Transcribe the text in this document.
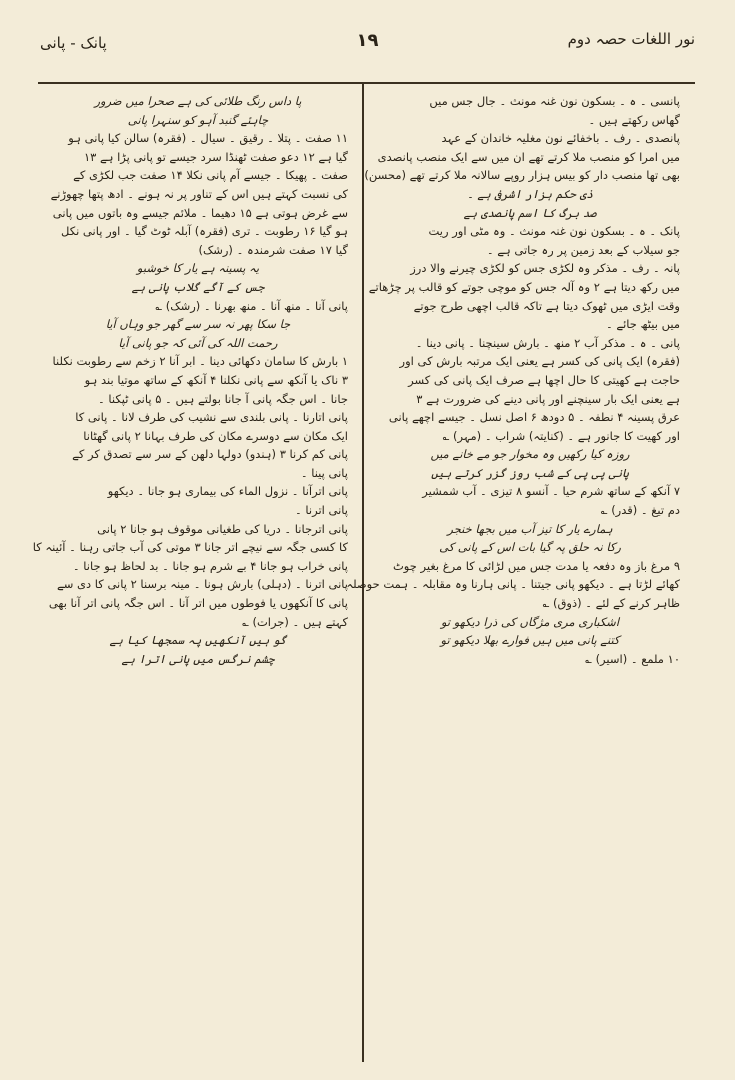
نور اللغات حصہ دوم
۱۹
پانک - پانی
پانسی ۔ ہ ۔ بسکون نون غنہ مونث ۔ جال جس میں
گھاس رکھتے ہیں ۔
پانصدی ۔ رف ۔ باخفائے نون مغلیہ خاندان کے عہد
میں امرا کو منصب ملا کرتے تھے ان میں سے ایک منصب پانصدی
بھی تھا منصب دار کو بیس ہزار روپے سالانہ ملا کرتے تھے (محسن)
ذی حکم ہزار اشرفی ہے ۔
صد برگ کا اسم پانصدی ہے
پانک ۔ ہ ۔ بسکون نون غنہ مونث ۔ وہ مٹی اور ریت
جو سیلاب کے بعد زمین پر رہ جاتی ہے ۔
پانہ ۔ رف ۔ مذکر وہ لکڑی جس کو لکڑی چیرنے والا درز
میں رکھ دیتا ہے ۲ وہ آلہ جس کو موچی جوتے کو قالب پر چڑھاتے
وقت ایڑی میں ٹھوک دیتا ہے تاکہ قالب اچھی طرح جوتے
میں بیٹھ جائے ۔
پانی ۔ ہ ۔ مذکر آب ۲ منھ ۔ بارش سینچنا ۔ پانی دینا ۔
(فقرہ) ایک پانی کی کسر ہے یعنی ایک مرتبہ بارش کی اور
حاجت ہے کھیتی کا حال اچھا ہے صرف ایک پانی کی کسر
ہے یعنی ایک بار سینچنے اور پانی دینے کی ضرورت ہے ۳
عرق پسینہ ۴ نطفہ ۔ ۵ دودھ ۶ اصل نسل ۔ جیسے اچھے پانی
اور کھیت کا جانور ہے ۔ (کنایتہ) شراب ۔ (مہر) ؎
روزہ کیا رکھیں وہ مخوار جو مے خانے میں
پانی پی پی کے شب روز گزر کرتے ہیں
۷ آنکھ کے ساتھ شرم حیا ۔ آنسو ۸ تیزی ۔ آب شمشیر
دم تیغ ۔ (قدر) ؎
ہمارے یار کا تیز آب میں بجھا خنجر
رکا نہ حلق پہ گیا بات اس کے پانی کی
۹ مرغ باز وہ دفعہ یا مدت جس میں لڑائی کا مرغ بغیر چوٹ
کھائے لڑتا ہے ۔ دیکھو پانی جیتنا ۔ پانی ہارنا وہ مقابلہ ۔ ہمت حوصلہ
ظاہر کرنے کے لئے ۔ (ذوق) ؎
اشکباری مری مژگاں کی ذرا دیکھو تو
کتنے پانی میں ہیں فوارے بھلا دیکھو تو
۱۰ ملمع ۔ (اسیر) ؎
پا داس رنگ طلائی کی ہے صحرا میں ضرور
چاہئے گنبد آہو کو سنہرا پانی
۱۱ صفت ۔ پتلا ۔ رقیق ۔ سیال ۔ (فقرہ) سالن کیا پانی ہو
گیا ہے ۱۲ دعو صفت ٹھنڈا سرد جیسے تو پانی پڑا ہے ۱۳
صفت ۔ پھیکا ۔ جیسے آم پانی نکلا ۱۴ صفت جب لکڑی کے
کی نسبت کہتے ہیں اس کے تناور پر نہ ہونے ۔ ادھ پتھا چھوڑنے
سے غرض ہوتی ہے ۱۵ دھیما ۔ ملائم جیسے وہ باتوں میں پانی
ہو گیا ۱۶ رطوبت ۔ تری (فقرہ) آبلہ ٹوٹ گیا ۔ اور پانی نکل
گیا ۱۷ صفت شرمندہ ۔ (رشک)
یہ پسینہ ہے یار کا خوشبو
جس کے آگے گلاب پانی ہے
پانی آنا ۔ منھ آنا ۔ منھ بھرنا ۔ (رشک) ؎
جا سکا پھر نہ سر سے گھر جو وہاں آیا
رحمت اللہ کی آئی کہ جو پانی آیا
۱ بارش کا سامان دکھائی دینا ۔ ابر آنا ۲ زخم سے رطوبت نکلنا
۳ ناک یا آنکھ سے پانی نکلنا ۴ آنکھ کے ساتھ موتیا بند ہو
جانا ۔ اس جگہ پانی آ جانا بولتے ہیں ۔ ۵ پانی ٹپکنا ۔
پانی اتارنا ۔ پانی بلندی سے نشیب کی طرف لانا ۔ پانی کا
ایک مکان سے دوسرے مکان کی طرف بہانا ۲ پانی گھٹانا
پانی کم کرنا ۳ (ہندو) دولہا دلھن کے سر سے تصدق کر کے
پانی پینا ۔
پانی اترآنا ۔ نزول الماء کی بیماری ہو جانا ۔ دیکھو
پانی اترنا ۔
پانی اترجانا ۔ دریا کی طغیانی موقوف ہو جانا ۲ پانی
کا کسی جگہ سے نیچے اتر جانا ۳ موتی کی آب جاتی رہنا ۔ آئینہ کا
پانی خراب ہو جانا ۴ بے شرم ہو جانا ۔ بد لحاظ ہو جانا ۔
پانی اترنا ۔ (دہلی) بارش ہونا ۔ مینہ برسنا ۲ پانی کا دی سے
پانی کا آنکھوں یا فوطوں میں اتر آنا ۔ اس جگہ پانی اتر آنا بھی
کہتے ہیں ۔ (جرات) ؎
گو ہیں آنکھیں پہ سمجھا کیا ہے
چشم نرگس میں پانی اترا ہے
